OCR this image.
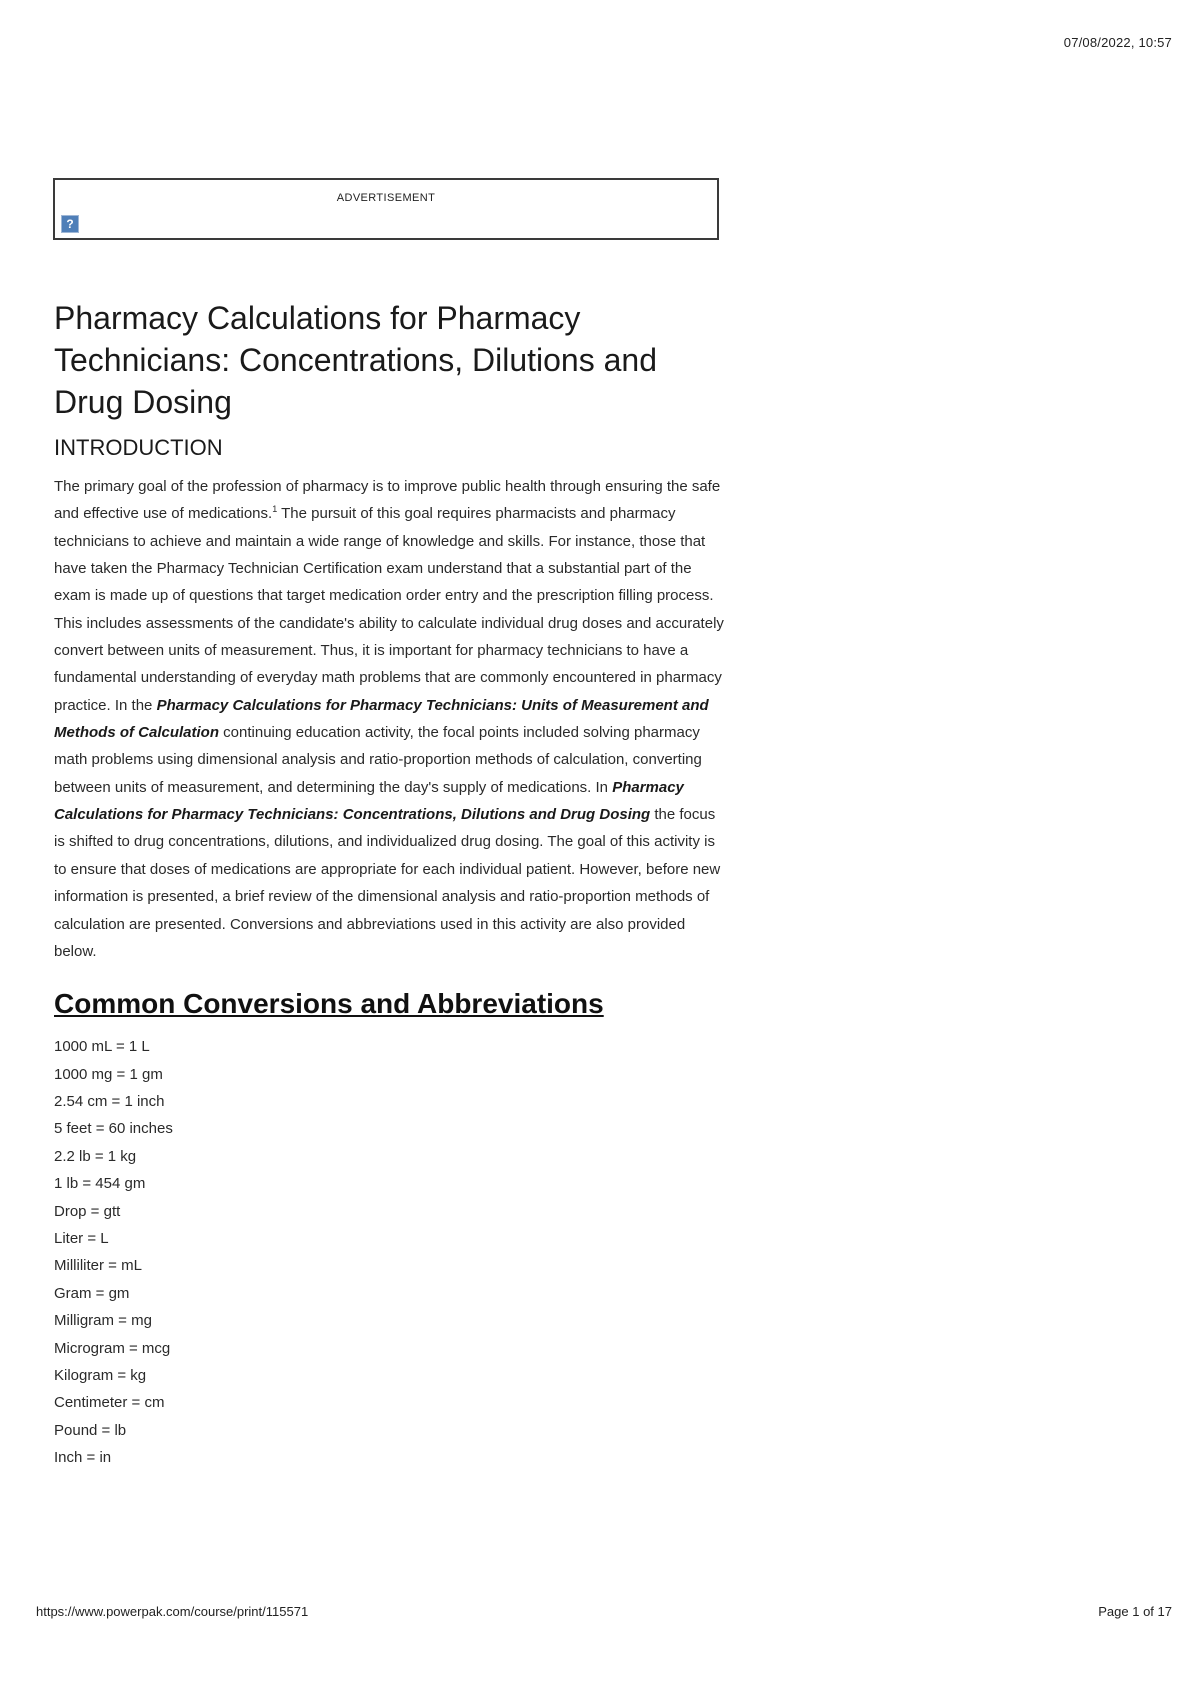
07/08/2022, 10:57
ADVERTISEMENT
?
Pharmacy Calculations for Pharmacy Technicians: Concentrations, Dilutions and Drug Dosing
INTRODUCTION

The primary goal of the profession of pharmacy is to improve public health through ensuring the safe and effective use of medications.$^1$ The pursuit of this goal requires pharmacists and pharmacy technicians to achieve and maintain a wide range of knowledge and skills. For instance, those that have taken the Pharmacy Technician Certification exam understand that a substantial part of the exam is made up of questions that target medication order entry and the prescription filling process. This includes assessments of the candidate's ability to calculate individual drug doses and accurately convert between units of measurement. Thus, it is important for pharmacy technicians to have a fundamental understanding of everyday math problems that are commonly encountered in pharmacy practice. In the Pharmacy Calculations for Pharmacy Technicians: Units of Measurement and Methods of Calculation continuing education activity, the focal points included solving pharmacy math problems using dimensional analysis and ratio-proportion methods of calculation, converting between units of measurement, and determining the day's supply of medications. In Pharmacy Calculations for Pharmacy Technicians: Concentrations, Dilutions and Drug Dosing the focus is shifted to drug concentrations, dilutions, and individualized drug dosing. The goal of this activity is to ensure that doses of medications are appropriate for each individual patient. However, before new information is presented, a brief review of the dimensional analysis and ratio-proportion methods of calculation are presented. Conversions and abbreviations used in this activity are also provided below.

Common Conversions and Abbreviations
1000 mL = 1 L
1000 mg = 1 gm
2.54 cm = 1 inch
5 feet = 60 inches
2.2 lb = 1 kg
1 lb = 454 gm
Drop = gtt
Liter = L
Milliliter = mL
Gram = gm
Milligram = mg
Microgram = mcg
Kilogram = kg
Centimeter = cm
Pound = lb
Inch = in
https://www.powerpak.com/course/print/115571	Page 1 of 17
